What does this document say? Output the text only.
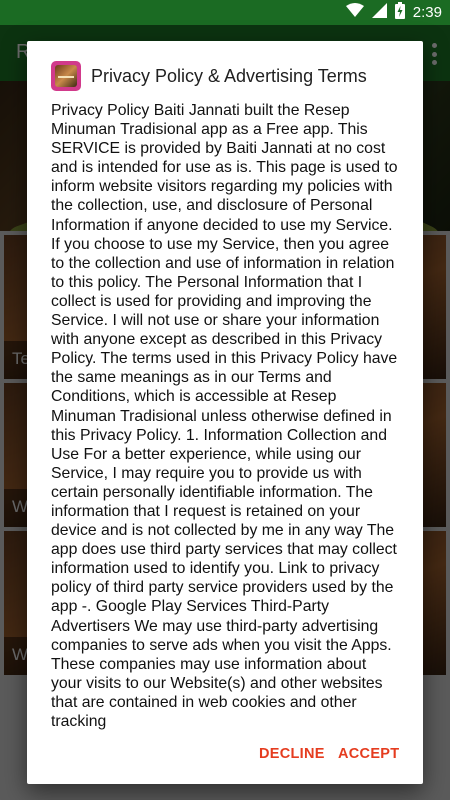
2:39
Privacy Policy & Advertising Terms

Privacy Policy Baiti Jannati built the Resep Minuman Tradisional app as a Free app. This SERVICE is provided by Baiti Jannati at no cost and is intended for use as is. This page is used to inform website visitors regarding my policies with the collection, use, and disclosure of Personal Information if anyone decided to use my Service. If you choose to use my Service, then you agree to the collection and use of information in relation to this policy. The Personal Information that I collect is used for providing and improving the Service. I will not use or share your information with anyone except as described in this Privacy Policy. The terms used in this Privacy Policy have the same meanings as in our Terms and Conditions, which is accessible at Resep Minuman Tradisional unless otherwise defined in this Privacy Policy. 1. Information Collection and Use For a better experience, while using our Service, I may require you to provide us with certain personally identifiable information. The information that I request is retained on your device and is not collected by me in any way The app does use third party services that may collect information used to identify you. Link to privacy policy of third party service providers used by the app -. Google Play Services Third-Party Advertisers We may use third-party advertising companies to serve ads when you visit the Apps. These companies may use information about your visits to our Website(s) and other websites that are contained in web cookies and other tracking

DECLINE ACCEPT
